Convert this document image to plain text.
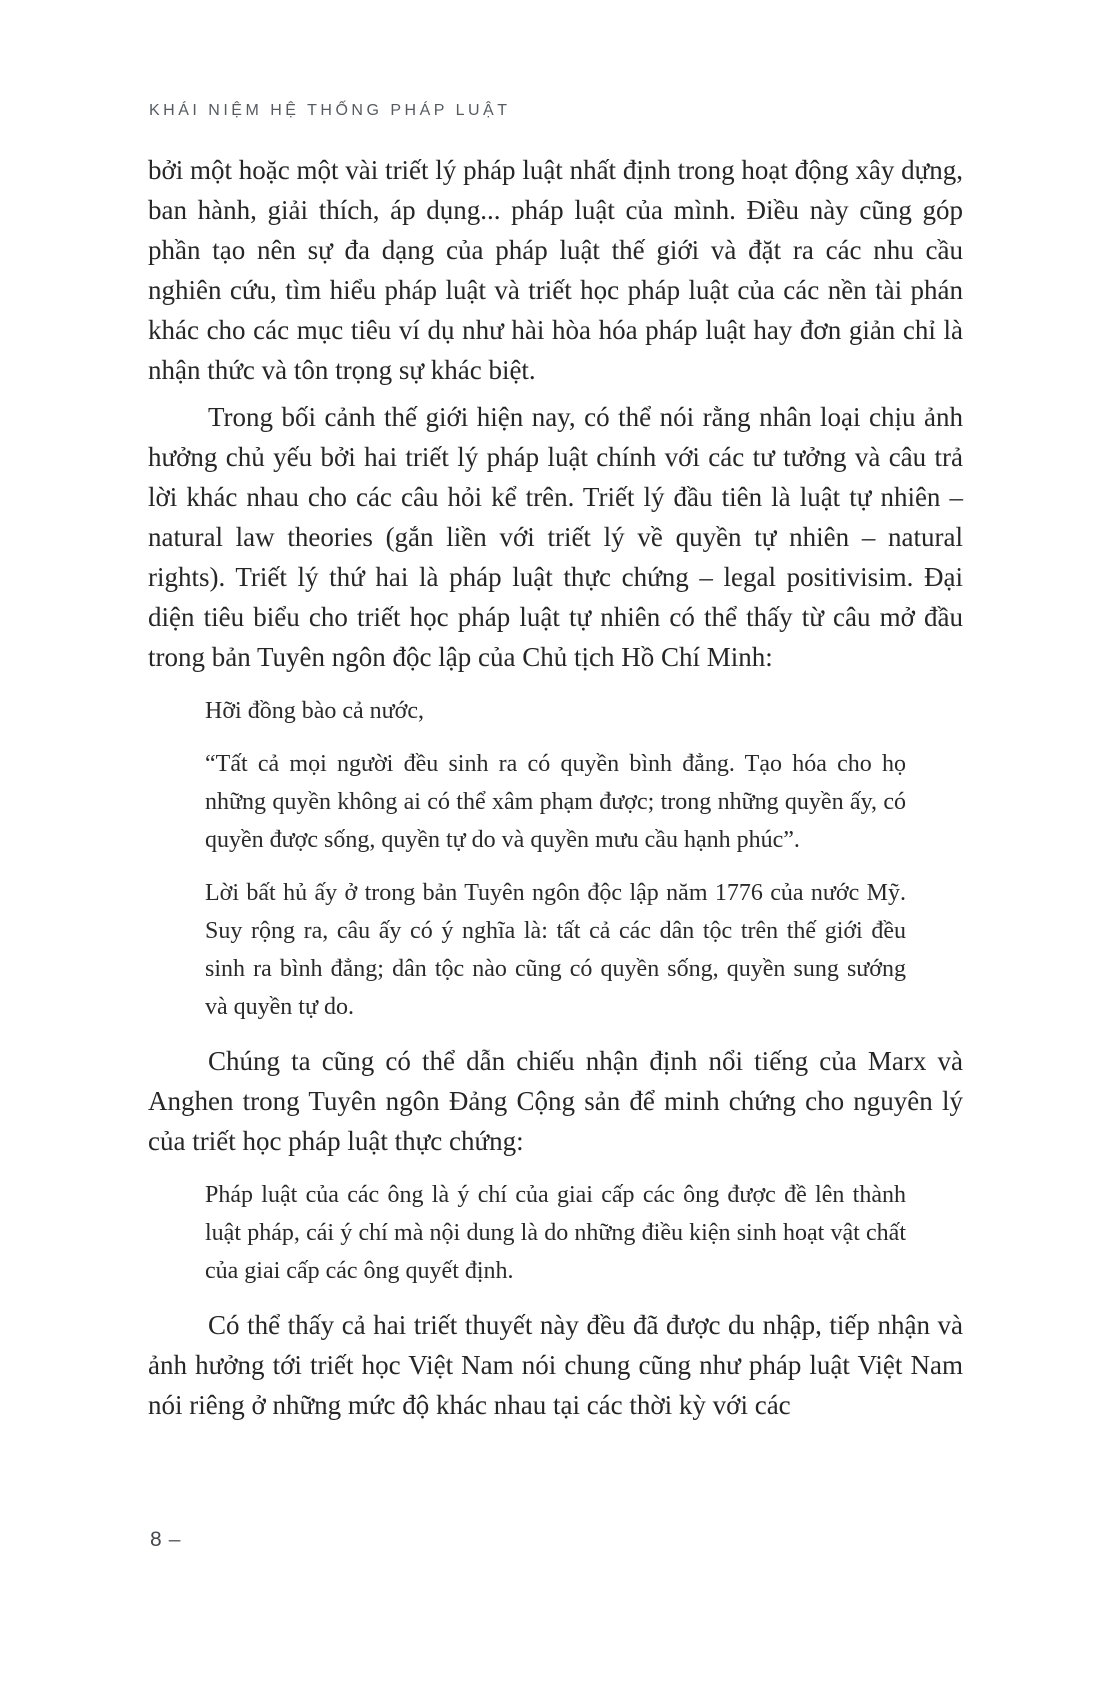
KHÁI NIỆM HỆ THỐNG PHÁP LUẬT

bởi một hoặc một vài triết lý pháp luật nhất định trong hoạt động xây dựng, ban hành, giải thích, áp dụng... pháp luật của mình. Điều này cũng góp phần tạo nên sự đa dạng của pháp luật thế giới và đặt ra các nhu cầu nghiên cứu, tìm hiểu pháp luật và triết học pháp luật của các nền tài phán khác cho các mục tiêu ví dụ như hài hòa hóa pháp luật hay đơn giản chỉ là nhận thức và tôn trọng sự khác biệt.

Trong bối cảnh thế giới hiện nay, có thể nói rằng nhân loại chịu ảnh hưởng chủ yếu bởi hai triết lý pháp luật chính với các tư tưởng và câu trả lời khác nhau cho các câu hỏi kể trên. Triết lý đầu tiên là luật tự nhiên – natural law theories (gắn liền với triết lý về quyền tự nhiên – natural rights). Triết lý thứ hai là pháp luật thực chứng – legal positivisim. Đại diện tiêu biểu cho triết học pháp luật tự nhiên có thể thấy từ câu mở đầu trong bản Tuyên ngôn độc lập của Chủ tịch Hồ Chí Minh:

Hỡi đồng bào cả nước,

“Tất cả mọi người đều sinh ra có quyền bình đẳng. Tạo hóa cho họ những quyền không ai có thể xâm phạm được; trong những quyền ấy, có quyền được sống, quyền tự do và quyền mưu cầu hạnh phúc”.

Lời bất hủ ấy ở trong bản Tuyên ngôn độc lập năm 1776 của nước Mỹ. Suy rộng ra, câu ấy có ý nghĩa là: tất cả các dân tộc trên thế giới đều sinh ra bình đẳng; dân tộc nào cũng có quyền sống, quyền sung sướng và quyền tự do.

Chúng ta cũng có thể dẫn chiếu nhận định nổi tiếng của Marx và Anghen trong Tuyên ngôn Đảng Cộng sản để minh chứng cho nguyên lý của triết học pháp luật thực chứng:

Pháp luật của các ông là ý chí của giai cấp các ông được đề lên thành luật pháp, cái ý chí mà nội dung là do những điều kiện sinh hoạt vật chất của giai cấp các ông quyết định.

Có thể thấy cả hai triết thuyết này đều đã được du nhập, tiếp nhận và ảnh hưởng tới triết học Việt Nam nói chung cũng như pháp luật Việt Nam nói riêng ở những mức độ khác nhau tại các thời kỳ với các

8 –
